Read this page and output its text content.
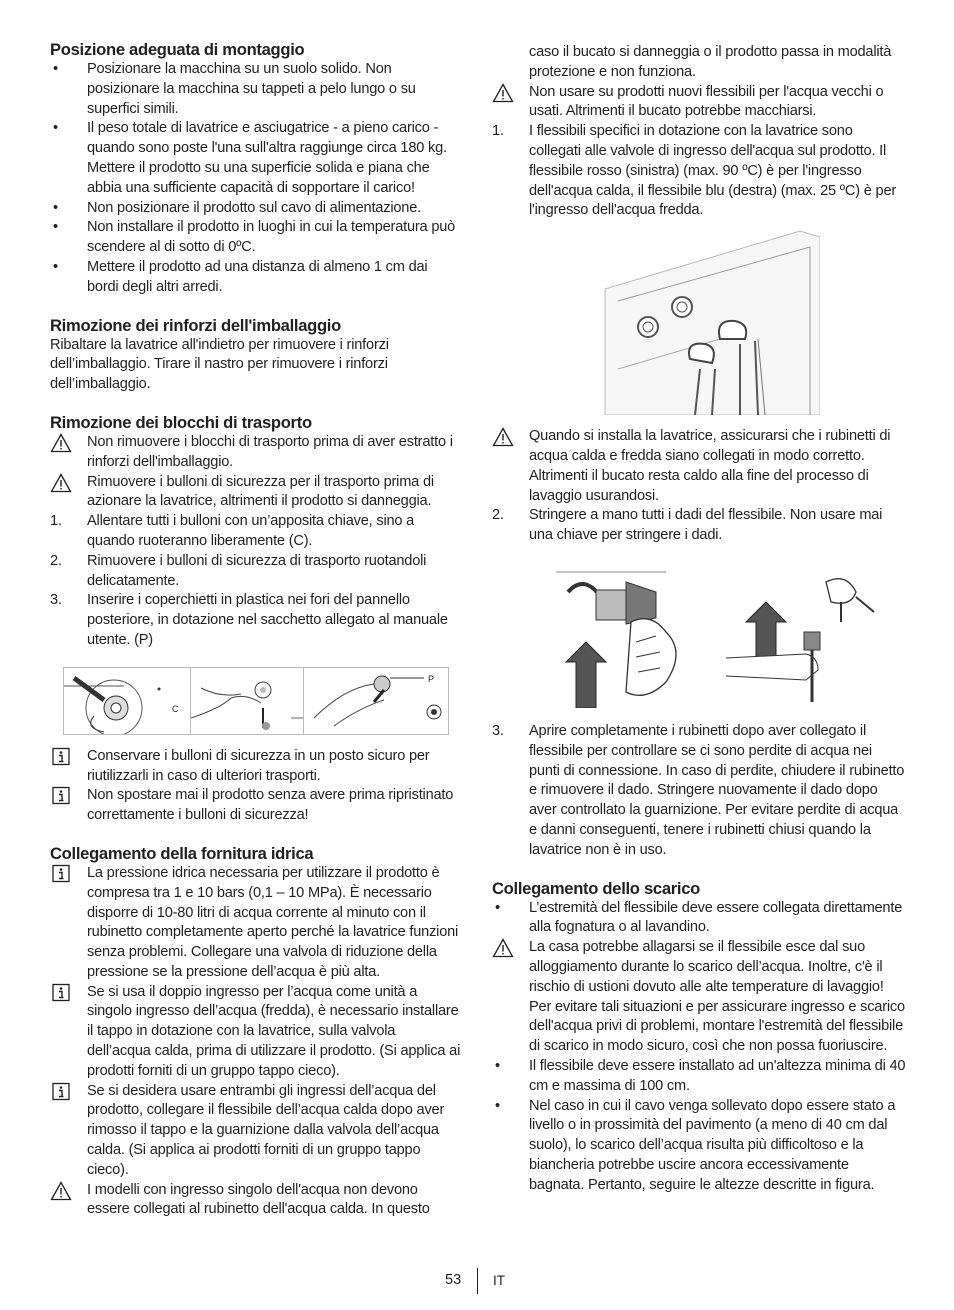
Posizione adeguata di montaggio
•	Posizionare la macchina su un suolo solido. Non posizionare la macchina su tappeti a pelo lungo o su superfici simili.
•	Il peso totale di lavatrice e asciugatrice - a pieno carico - quando sono poste l'una sull'altra raggiunge circa 180 kg. Mettere il prodotto su una superficie solida e piana che abbia una sufficiente capacità di sopportare il carico!
•	Non posizionare il prodotto sul cavo di alimentazione.
•	Non installare il prodotto in luoghi in cui la temperatura può scendere al di sotto di 0ºC.
•	Mettere il prodotto ad una distanza di almeno 1 cm dai bordi degli altri arredi.
Rimozione dei rinforzi dell'imballaggio

Ribaltare la lavatrice all'indietro per rimuovere i rinforzi dell’imballaggio. Tirare il nastro per rimuovere i rinforzi dell’imballaggio.

Rimozione dei blocchi di trasporto
Non rimuovere i blocchi di trasporto prima di aver estratto i rinforzi dell'imballaggio.
Rimuovere i bulloni di sicurezza per il trasporto prima di azionare la lavatrice, altrimenti il prodotto si danneggia.
1.	Allentare tutti i bulloni con un’apposita chiave, sino a quando ruoteranno liberamente (C).
2.	Rimuovere i bulloni di sicurezza di trasporto ruotandoli delicatamente.
3.	Inserire i coperchietti in plastica nei fori del pannello posteriore, in dotazione nel sacchetto allegato al manuale utente. (P)
C
P
Conservare i bulloni di sicurezza in un posto sicuro per riutilizzarli in caso di ulteriori trasporti.
Non spostare mai il prodotto senza avere prima ripristinato correttamente i bulloni di sicurezza!
Collegamento della fornitura idrica
La pressione idrica necessaria per utilizzare il prodotto è compresa tra 1 e 10 bars (0,1 – 10 MPa). È necessario disporre di 10-80 litri di acqua corrente al minuto con il rubinetto completamente aperto perché la lavatrice funzioni senza problemi. Collegare una valvola di riduzione della pressione se la pressione dell’acqua è più alta.
Se si usa il doppio ingresso per l’acqua come unità a singolo ingresso dell’acqua (fredda), è necessario installare il tappo in dotazione con la lavatrice, sulla valvola dell’acqua calda, prima di utilizzare il prodotto. (Si applica ai prodotti forniti di un gruppo tappo cieco).
Se si desidera usare entrambi gli ingressi dell’acqua del prodotto, collegare il flessibile dell’acqua calda dopo aver rimosso il tappo e la guarnizione dalla valvola dell’acqua calda. (Si applica ai prodotti forniti di un gruppo tappo cieco).
I modelli con ingresso singolo dell'acqua non devono essere collegati al rubinetto dell'acqua calda. In questo
caso il bucato si danneggia o il prodotto passa in modalità protezione e non funziona.
Non usare su prodotti nuovi flessibili per l'acqua vecchi o usati. Altrimenti il bucato potrebbe macchiarsi.
1.	I flessibili specifici in dotazione con la lavatrice sono collegati alle valvole di ingresso dell'acqua sul prodotto. Il flessibile rosso (sinistra) (max. 90 ºC) è per l'ingresso dell'acqua calda, il flessibile blu (destra) (max. 25 ºC) è per l'ingresso dell'acqua fredda.
Quando si installa la lavatrice, assicurarsi che i rubinetti di acqua calda e fredda siano collegati in modo corretto. Altrimenti il bucato resta caldo alla fine del processo di lavaggio usurandosi.
2.	Stringere a mano tutti i dadi del flessibile. Non usare mai una chiave per stringere i dadi.
3.	Aprire completamente i rubinetti dopo aver collegato il flessibile per controllare se ci sono perdite di acqua nei punti di connessione. In caso di perdite, chiudere il rubinetto e rimuovere il dado. Stringere nuovamente il dado dopo aver controllato la guarnizione. Per evitare perdite di acqua e danni conseguenti, tenere i rubinetti chiusi quando la lavatrice non è in uso.
Collegamento dello scarico
•	L’estremità del flessibile deve essere collegata direttamente alla fognatura o al lavandino.
La casa potrebbe allagarsi se il flessibile esce dal suo alloggiamento durante lo scarico dell’acqua. Inoltre, c'è il rischio di ustioni dovuto alle alte temperature di lavaggio! Per evitare tali situazioni e per assicurare ingresso e scarico dell'acqua privi di problemi, montare l'estremità del flessibile di scarico in modo sicuro, così che non possa fuoriuscire.
•	Il flessibile deve essere installato ad un'altezza minima di 40 cm e massima di 100 cm.
•	Nel caso in cui il cavo venga sollevato dopo essere stato a livello o in prossimità del pavimento (a meno di 40 cm dal suolo), lo scarico dell’acqua risulta più difficoltoso e la biancheria potrebbe uscire ancora eccessivamente bagnata. Pertanto, seguire le altezze descritte in figura.
53 IT
